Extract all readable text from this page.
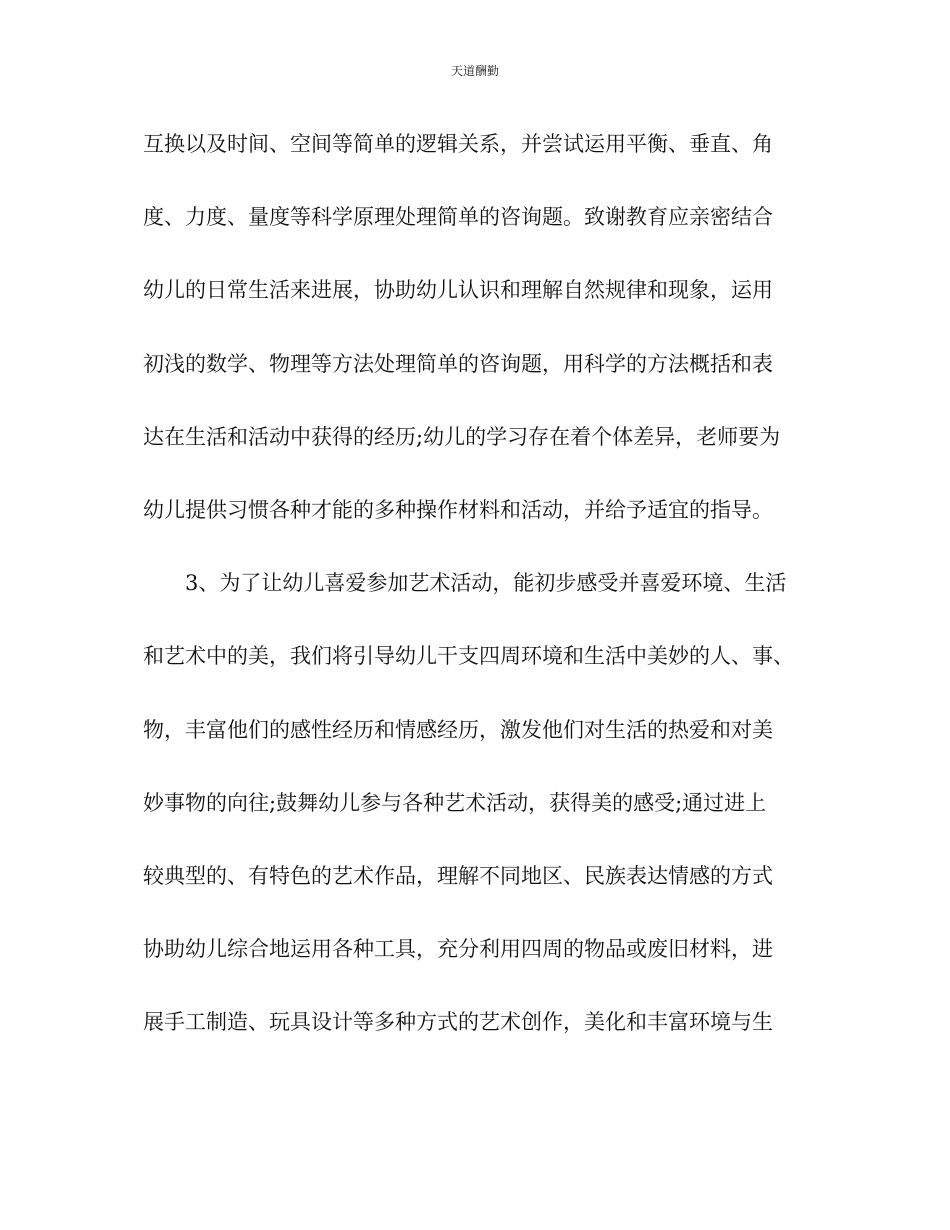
天道酬勤
互换以及时间、空间等简单的逻辑关系，并尝试运用平衡、垂直、角
度、力度、量度等科学原理处理简单的咨询题。致谢教育应亲密结合
幼儿的日常生活来进展，协助幼儿认识和理解自然规律和现象，运用
初浅的数学、物理等方法处理简单的咨询题，用科学的方法概括和表
达在生活和活动中获得的经历;幼儿的学习存在着个体差异，老师要为
幼儿提供习惯各种才能的多种操作材料和活动，并给予适宜的指导。
3、为了让幼儿喜爱参加艺术活动，能初步感受并喜爱环境、生活
和艺术中的美，我们将引导幼儿干支四周环境和生活中美妙的人、事、
物，丰富他们的感性经历和情感经历，激发他们对生活的热爱和对美
妙事物的向往;鼓舞幼儿参与各种艺术活动，获得美的感受;通过进上
较典型的、有特色的艺术作品，理解不同地区、民族表达情感的方式
协助幼儿综合地运用各种工具，充分利用四周的物品或废旧材料，进
展手工制造、玩具设计等多种方式的艺术创作，美化和丰富环境与生
